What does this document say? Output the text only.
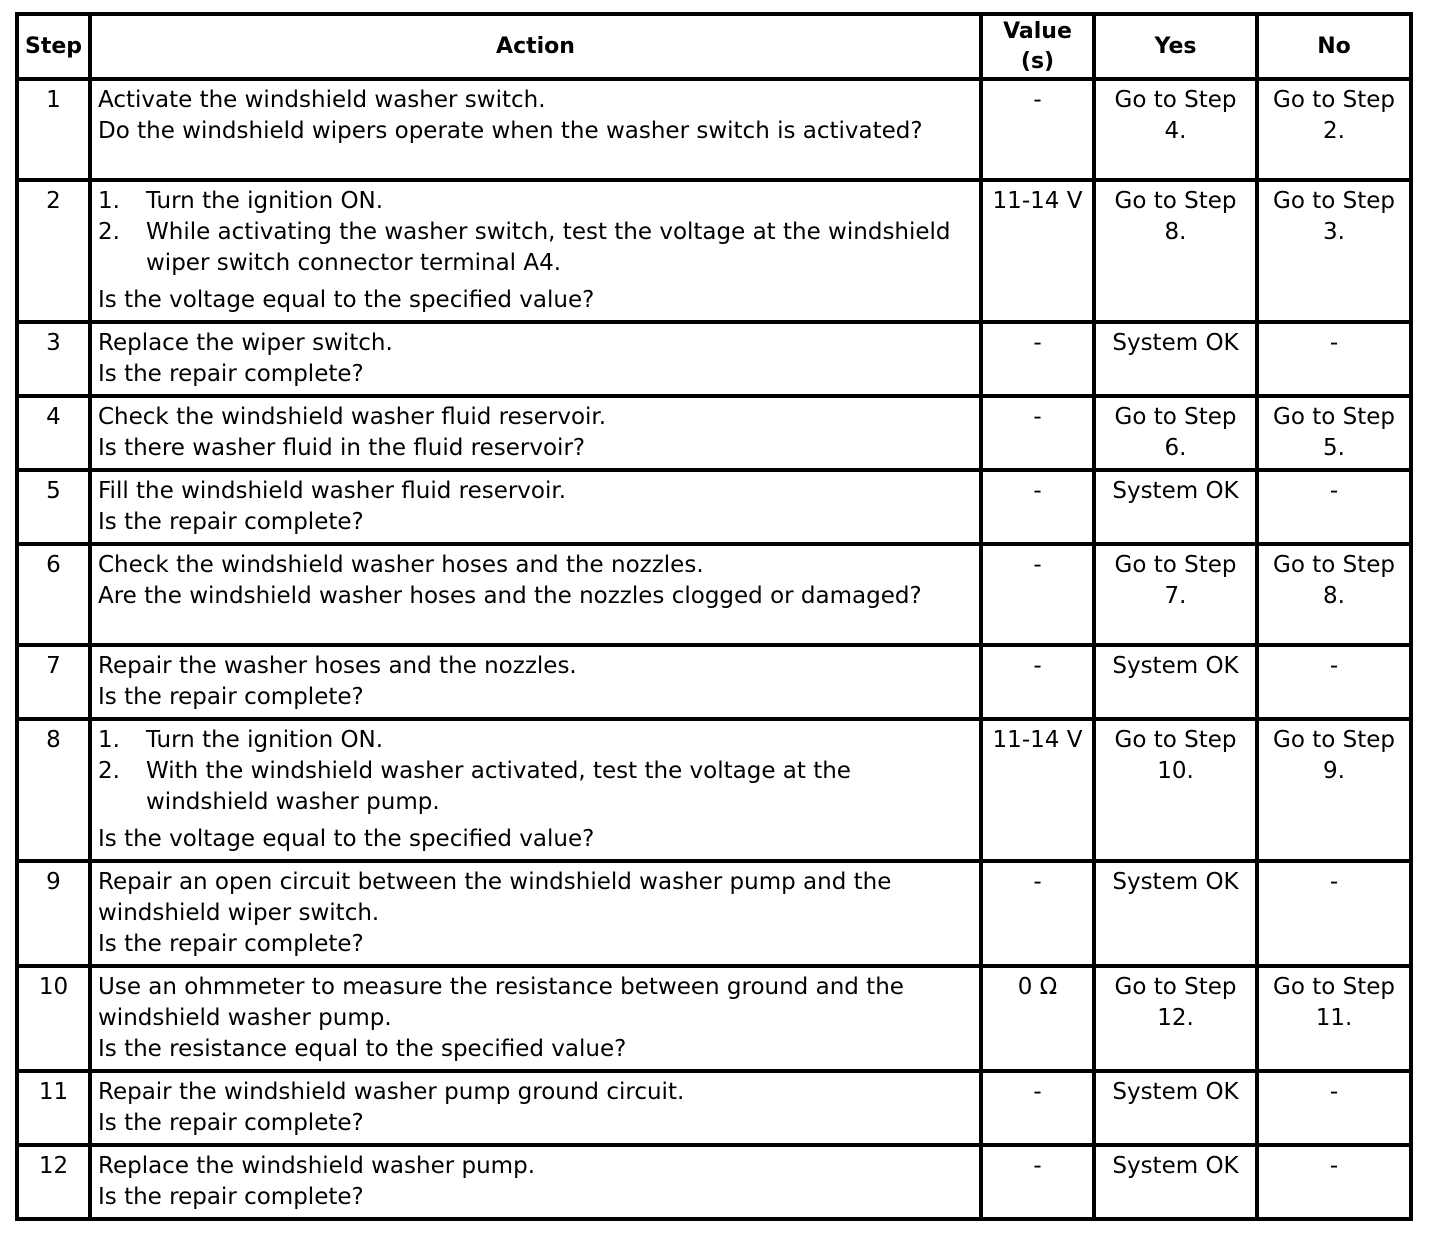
Step	Action	Value (s)	Yes	No
1	Activate the windshield washer switch.
Do the windshield wipers operate when the washer switch is activated?	-	Go to Step 4.	Go to Step 2.
2	1. Turn the ignition ON.
2. While activating the washer switch, test the voltage at the windshield wiper switch connector terminal A4.
Is the voltage equal to the specified value?	11-14 V	Go to Step 8.	Go to Step 3.
3	Replace the wiper switch.
Is the repair complete?	-	System OK	-
4	Check the windshield washer fluid reservoir.
Is there washer fluid in the fluid reservoir?	-	Go to Step 6.	Go to Step 5.
5	Fill the windshield washer fluid reservoir.
Is the repair complete?	-	System OK	-
6	Check the windshield washer hoses and the nozzles.
Are the windshield washer hoses and the nozzles clogged or damaged?	-	Go to Step 7.	Go to Step 8.
7	Repair the washer hoses and the nozzles.
Is the repair complete?	-	System OK	-
8	1. Turn the ignition ON.
2. With the windshield washer activated, test the voltage at the windshield washer pump.
Is the voltage equal to the specified value?	11-14 V	Go to Step 10.	Go to Step 9.
9	Repair an open circuit between the windshield washer pump and the windshield wiper switch.
Is the repair complete?	-	System OK	-
10	Use an ohmmeter to measure the resistance between ground and the windshield washer pump.
Is the resistance equal to the specified value?	0 Ω	Go to Step 12.	Go to Step 11.
11	Repair the windshield washer pump ground circuit.
Is the repair complete?	-	System OK	-
12	Replace the windshield washer pump.
Is the repair complete?	-	System OK	-
